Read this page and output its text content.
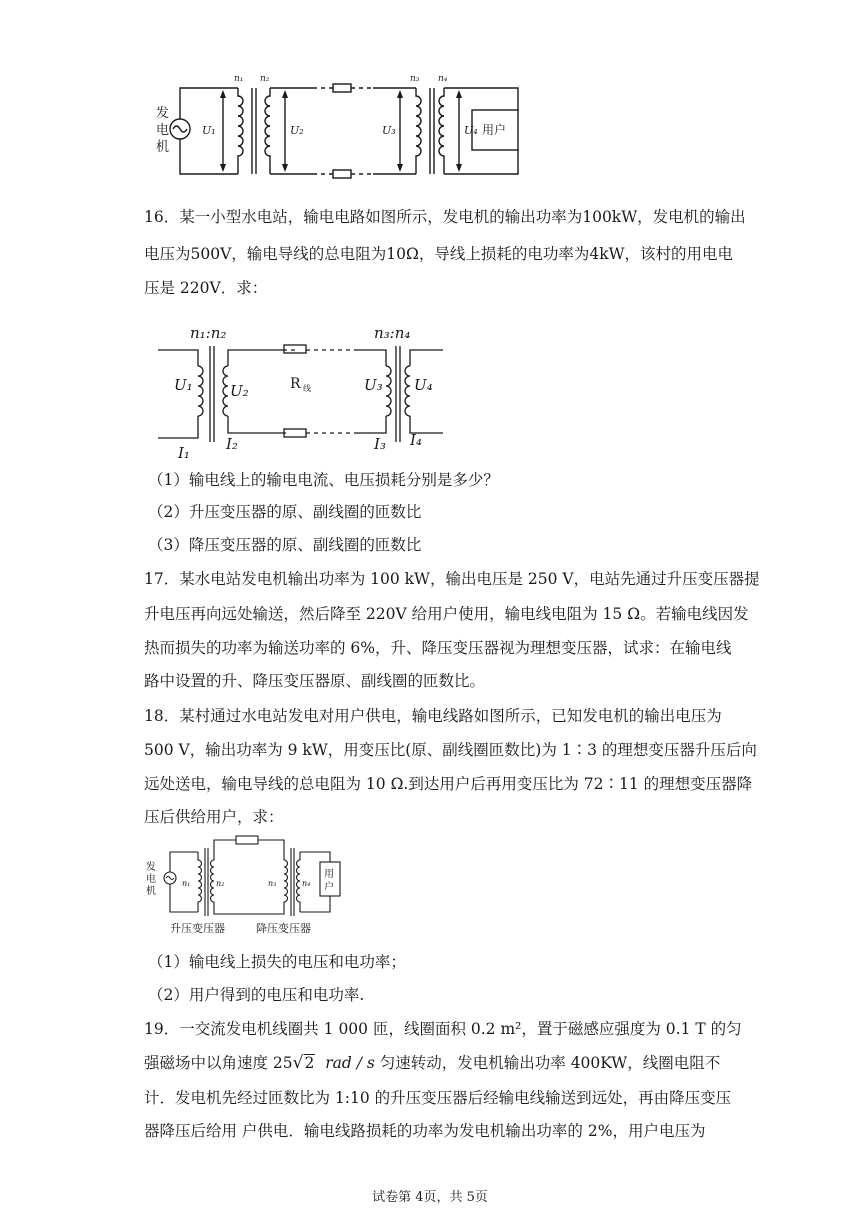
发
电
机
n₁ n₂	n₃ n₄
U₁	U₂	U₃	U₄ 用户
16．某一小型水电站，输电电路如图所示，发电机的输出功率为100kW，发电机的输出
电压为500V，输电导线的总电阻为10Ω，导线上损耗的电功率为4kW，该村的用电电
压是 220V．求：
n₁:n₂	n₃:n₄
U₁ U₂	U₃ U₄
I₁ I₂	I₃ I₄
R 线
（1）输电线上的输电电流、电压损耗分别是多少？
（2）升压变压器的原、副线圈的匝数比
（3）降压变压器的原、副线圈的匝数比
17．某水电站发电机输出功率为 100 kW，输出电压是 250 V，电站先通过升压变压器提
升电压再向远处输送，然后降至 220V 给用户使用，输电线电阻为 15 Ω。若输电线因发
热而损失的功率为输送功率的 6%，升、降压变压器视为理想变压器，试求：在输电线
路中设置的升、降压变压器原、副线圈的匝数比。
18．某村通过水电站发电对用户供电，输电线路如图所示，已知发电机的输出电压为
500 V，输出功率为 9 kW，用变压比(原、副线圈匝数比)为 1∶3 的理想变压器升压后向
远处送电，输电导线的总电阻为 10 Ω.到达用户后再用变压比为 72∶11 的理想变压器降
压后供给用户，求：
发
电
机
n₁	n₂	n₃	n₄
用
户
升压变压器	降压变压器
（1）输电线上损失的电压和电功率；
（2）用户得到的电压和电功率.
19．一交流发电机线圈共 1 000 匝，线圈面积 0.2 m²，置于磁感应强度为 0.1 T 的匀
强磁场中以角速度 25√2 rad / s 匀速转动，发电机输出功率 400KW，线圈电阻不
计．发电机先经过匝数比为 1:10 的升压变压器后经输电线输送到远处，再由降压变压
器降压后给用 户供电．输电线路损耗的功率为发电机输出功率的 2%，用户电压为
试卷第 4页，共 5页
